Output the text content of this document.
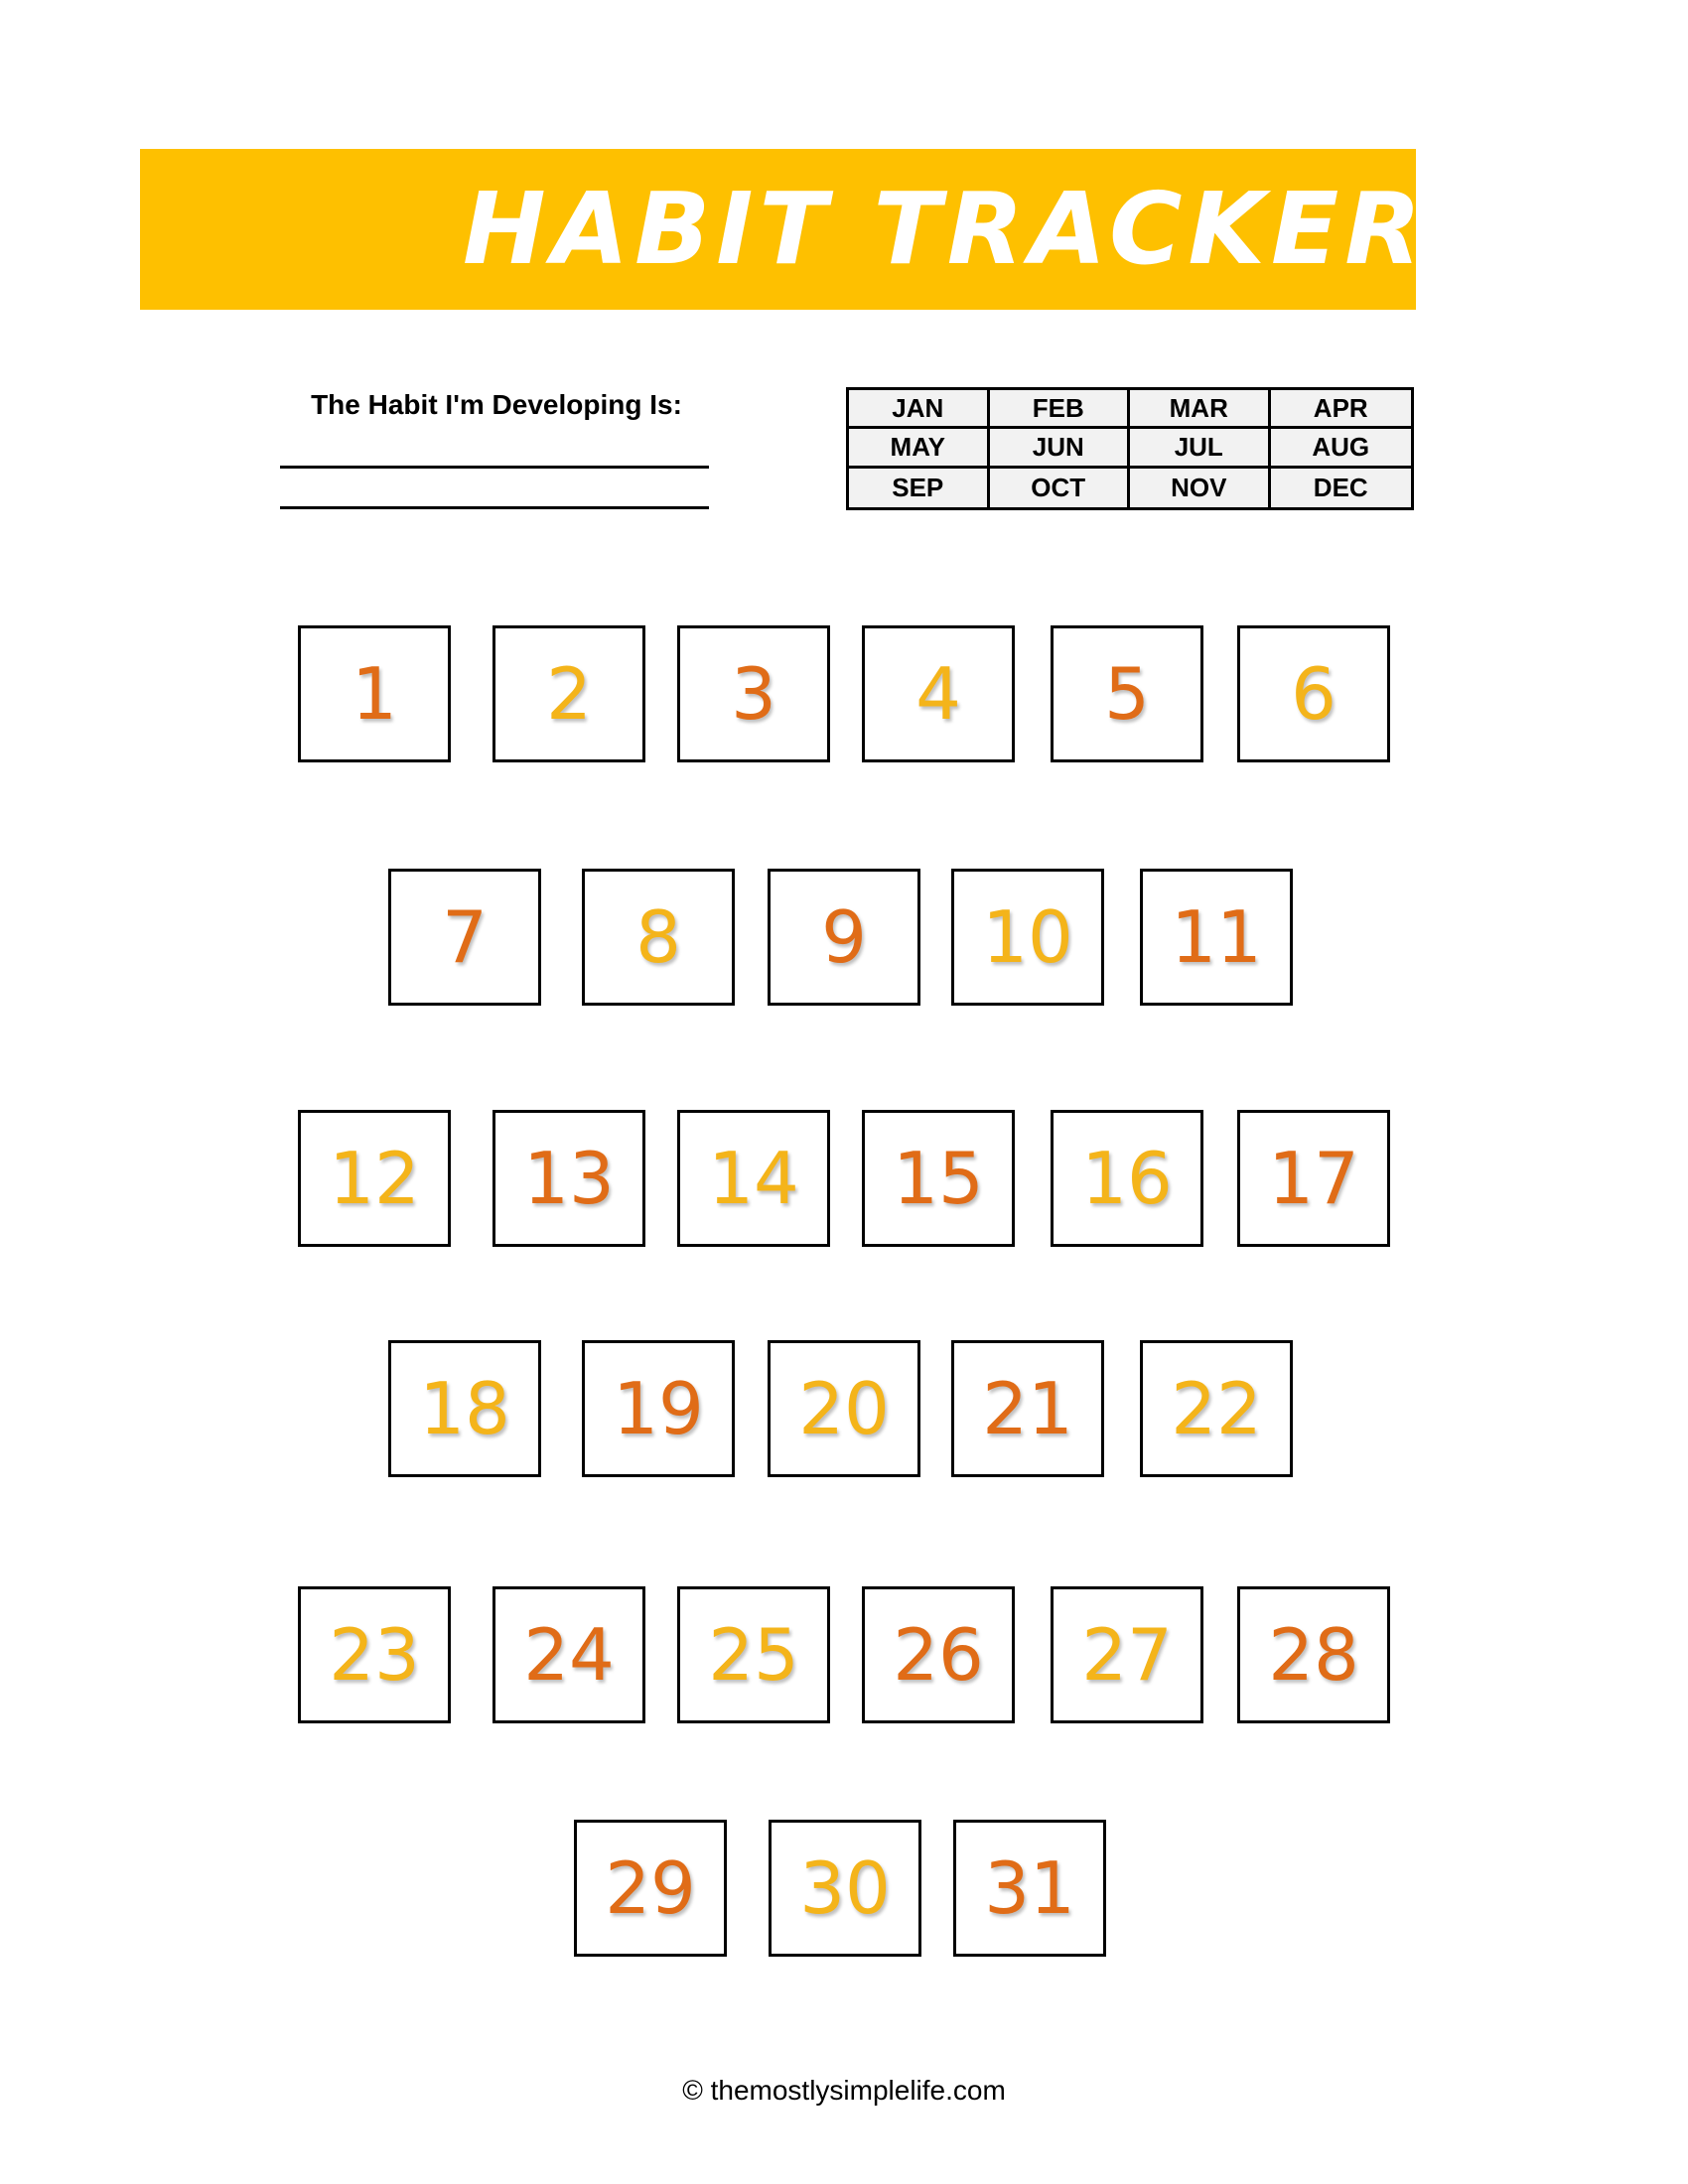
HABIT TRACKER
The Habit I'm Developing Is:	JAN	FEB	MAR	APR
MAY	JUN	JUL	AUG
SEP	OCT	NOV	DEC
1	2	3	4	5	6
7	8	9	10	11
12	13	14	15	16	17
18	19	20	21	22
23	24	25	26	27	28
29	30	31
© themostlysimplelife.com
